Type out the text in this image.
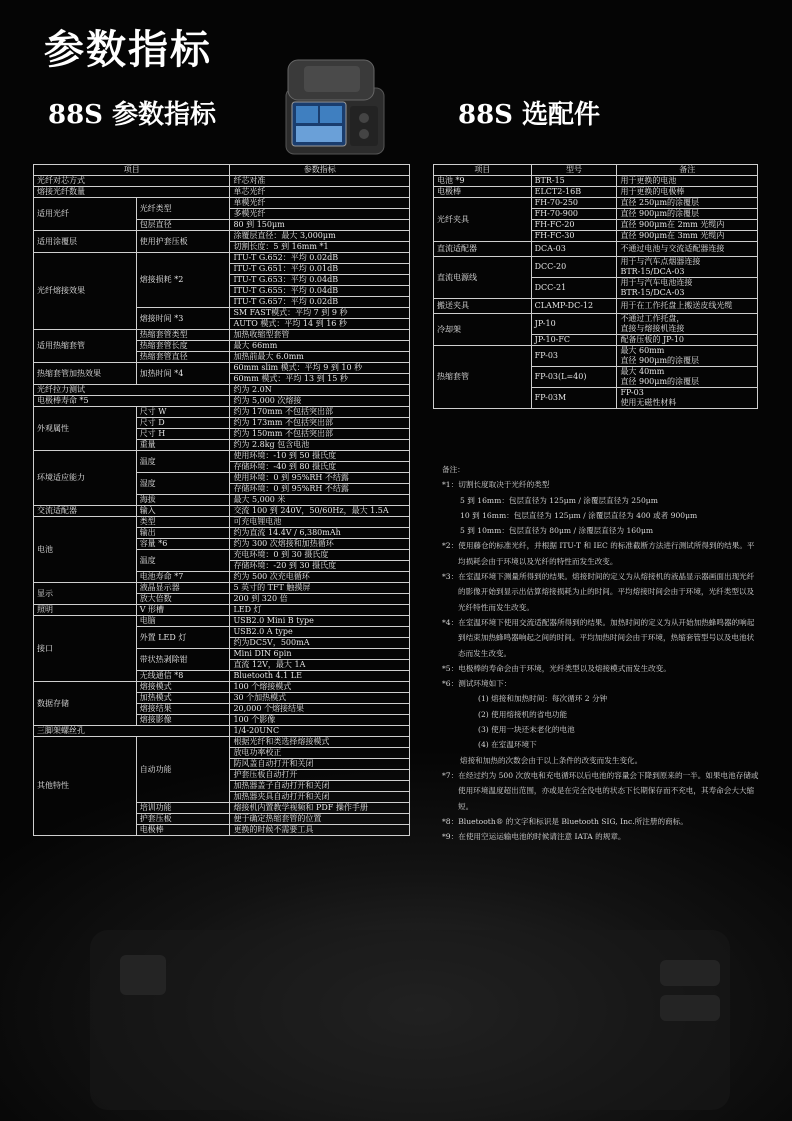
参数指标
88S 参数指标	88S 选配件
项目		参数指标
光纤对芯方式		纤芯对准
熔接光纤数量		单芯光纤
适用光纤	光纤类型	单模光纤
		多模光纤
	包层直径	80 到 150μm
适用涂覆层	使用护套压板	涂覆层直径：最大 3,000μm
		切割长度：5 到 16mm *1
光纤熔接效果	熔接损耗 *2	ITU-T G.652：平均 0.02dB
		ITU-T G.651：平均 0.01dB
		ITU-T G.653：平均 0.04dB
		ITU-T G.655：平均 0.04dB
		ITU-T G.657：平均 0.02dB
	熔接时间 *3	SM FAST模式：平均 7 到 9 秒
		AUTO 模式：平均 14 到 16 秒
适用热缩套管	热缩套管类型	加热收缩型套管
	热缩套管长度	最大 66mm
	热缩套管直径	加热前最大 6.0mm
热缩套管加热效果	加热时间 *4	60mm slim 模式：平均 9 到 10 秒
		60mm 模式：平均 13 到 15 秒
光纤拉力测试		约为 2.0N
电极棒寿命 *5		约为 5,000 次熔接
外观属性	尺寸 W	约为 170mm 不包括突出部
	尺寸 D	约为 173mm 不包括突出部
	尺寸 H	约为 150mm 不包括突出部
	重量	约为 2.8kg 包含电池
环境适应能力	温度	使用环境：-10 到 50 摄氏度
		存储环境：-40 到 80 摄氏度
	湿度	使用环境：0 到 95%RH 不结露
		存储环境：0 到 95%RH 不结露
	海拔	最大 5,000 米
交流适配器	输入	交流 100 到 240V，50/60Hz，最大 1.5A
电池	类型	可充电锂电池
	输出	约为直流 14.4V / 6,380mAh
	容量 *6	约为 300 次熔接和加热循环
	温度	充电环境：0 到 30 摄氏度
		存储环境：-20 到 30 摄氏度
	电池寿命 *7	约为 500 次充电循环
显示	液晶显示器	5 英寸的 TFT 触摸屏
	放大倍数	200 到 320 倍
照明	V 形槽	LED 灯
接口	电脑	USB2.0 Mini B type
	外置 LED 灯	USB2.0 A type
		约为DC5V，500mA
	带状热剥除钳	Mini DIN 6pin
		直流 12V，最大 1A
	无线通信 *8	Bluetooth 4.1 LE
数据存储	熔接模式	100 个熔接模式
	加热模式	30 个加热模式
	熔接结果	20,000 个熔接结果
	熔接影像	100 个影像
三脚架螺丝孔		1/4-20UNC
其他特性	自动功能	根据光纤和类选择熔接模式
		放电功率校正
		防风盖自动打开和关闭
		护套压板自动打开
		加热器盖子自动打开和关闭
		加热器夹具自动打开和关闭
	培训功能	熔接机内置教学视频和 PDF 操作手册
	护套压板	便于确定热缩套管的位置
	电极棒	更换的时候不需要工具
项目	型号	备注
电池 *9	BTR-15	用于更换的电池
电极棒	ELCT2-16B	用于更换的电极棒
光纤夹具	FH-70-250	直径 250μm的涂覆层
	FH-70-900	直径 900μm的涂覆层
	FH-FC-20	直径 900μm在 2mm 光缆内
	FH-FC-30	直径 900μm在 3mm 光缆内
直流适配器	DCA-03	不通过电池与交流适配器连接
直流电源线	DCC-20	用于与汽车点烟器连接
BTR-15/DCA-03

	DCC-21	用于与汽车电池连接
BTR-15/DCA-03

搬送夹具	CLAMP-DC-12	用于在工作托盘上搬送皮线光缆
冷却架	JP-10	不通过工作托盘，
直接与熔接机连接

	JP-10-FC	配备压板的 JP-10
热缩套管	FP-03	最大 60mm
直径 900μm的涂覆层

	FP-03(L=40)	最大 40mm
直径 900μm的涂覆层

	FP-03M	FP-03
使用无磁性材料

备注：

*1：切割长度取决于光纤的类型

5 到 16mm：包层直径为 125μm / 涂覆层直径为 250μm

10 到 16mm：包层直径为 125μm / 涂覆层直径为 400 或者 900μm

5 到 10mm：包层直径为 80μm / 涂覆层直径为 160μm

*2：使用藤仓的标准光纤，并根据 ITU-T 和 IEC 的标准截断方法进行测试所得到的结果。平均损耗会由于环境以及光纤的特性而发生改变。

*3：在室温环境下测量所得到的结果。熔接时间的定义为从熔接机的液晶显示器画面出现光纤的影像开始到显示出估算熔接损耗为止的时间。平均熔接时间会由于环境，光纤类型以及光纤特性而发生改变。

*4：在室温环境下使用交流适配器所得到的结果。加热时间的定义为从开始加热蜂鸣器的响起到结束加热蜂鸣器响起之间的时间。平均加热时间会由于环境，热缩套管型号以及电池状态而发生改变。

*5：电极棒的寿命会由于环境，光纤类型以及熔接模式而发生改变。

*6：测试环境如下：

(1) 熔接和加热时间：每次循环 2 分钟

(2) 使用熔接机的省电功能

(3) 使用一块还未老化的电池

(4) 在室温环境下

熔接和加热的次数会由于以上条件的改变而发生变化。

*7：在经过约为 500 次放电和充电循环以后电池的容量会下降到原来的一半。如果电池存储或使用环境温度超出范围，亦或是在完全没电的状态下长期保存而不充电，其寿命会大大缩短。

*8：Bluetooth® 的文字和标识是 Bluetooth SIG, Inc.所注册的商标。

*9：在使用空运运输电池的时候请注意 IATA 的规章。
